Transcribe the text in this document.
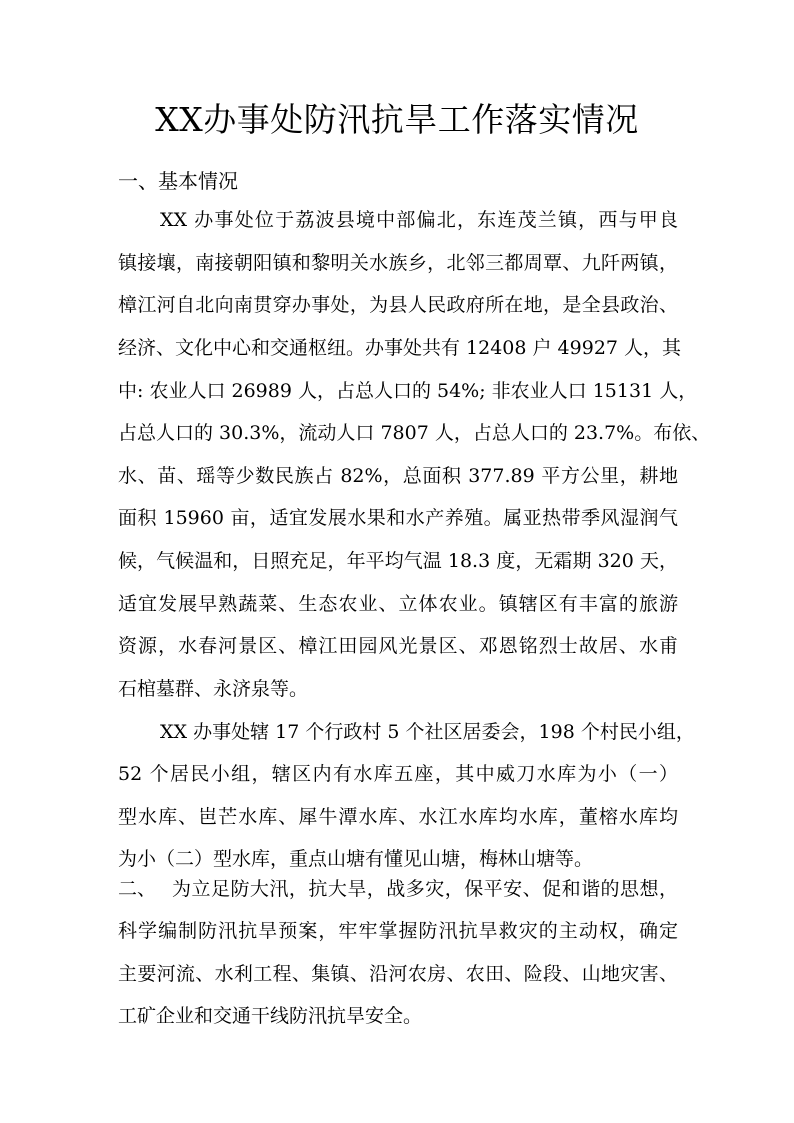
XX办事处防汛抗旱工作落实情况
一、基本情况
XX 办事处位于荔波县境中部偏北，东连茂兰镇，西与甲良
镇接壤，南接朝阳镇和黎明关水族乡，北邻三都周覃、九阡两镇，
樟江河自北向南贯穿办事处，为县人民政府所在地，是全县政治、
经济、文化中心和交通枢纽。办事处共有 12408 户 49927 人，其
中: 农业人口 26989 人，占总人口的 54%; 非农业人口 15131 人，
占总人口的 30.3%，流动人口 7807 人，占总人口的 23.7%。布依、
水、苗、瑶等少数民族占 82%，总面积 377.89 平方公里，耕地
面积 15960 亩，适宜发展水果和水产养殖。属亚热带季风湿润气
候，气候温和，日照充足，年平均气温 18.3 度，无霜期 320 天，
适宜发展早熟蔬菜、生态农业、立体农业。镇辖区有丰富的旅游
资源，水春河景区、樟江田园风光景区、邓恩铭烈士故居、水甫
石棺墓群、永济泉等。
XX 办事处辖 17 个行政村 5 个社区居委会，198 个村民小组，
52 个居民小组，辖区内有水库五座，其中威刀水库为小（一）
型水库、岜芒水库、犀牛潭水库、水江水库均水库，董榕水库均
为小（二）型水库，重点山塘有懂见山塘，梅林山塘等。
二、 为立足防大汛，抗大旱，战多灾，保平安、促和谐的思想，
科学编制防汛抗旱预案，牢牢掌握防汛抗旱救灾的主动权，确定
主要河流、水利工程、集镇、沿河农房、农田、险段、山地灾害、
工矿企业和交通干线防汛抗旱安全。
